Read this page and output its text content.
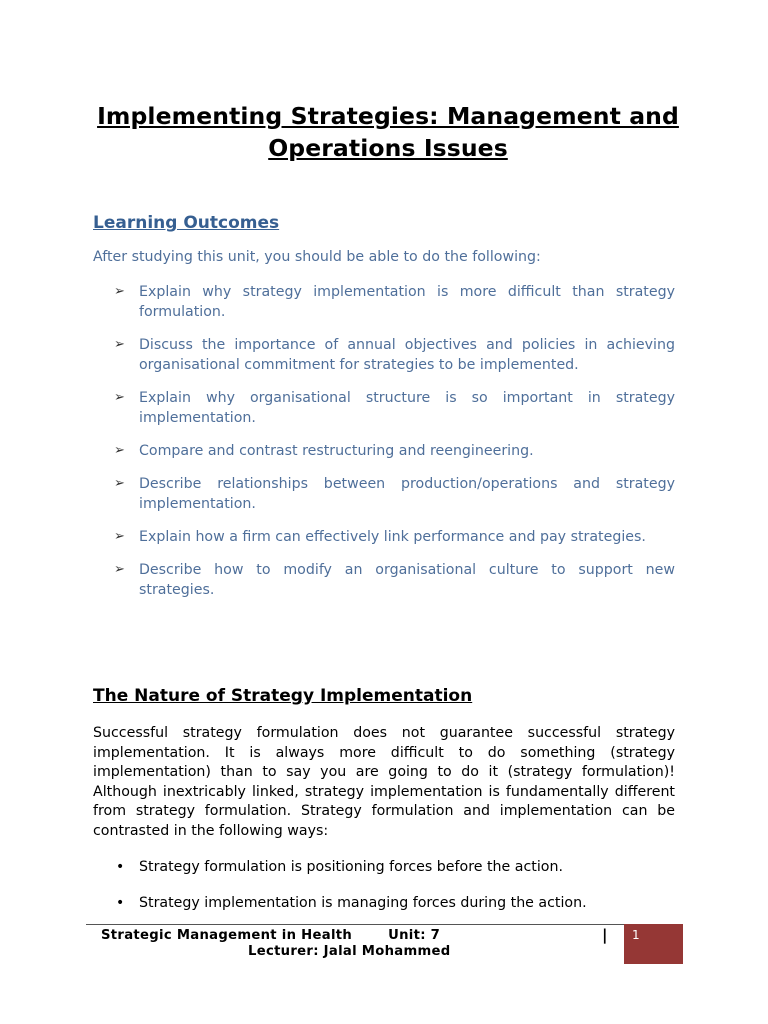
Implementing Strategies: Management and Operations Issues
Learning Outcomes
After studying this unit, you should be able to do the following:
➢ Explain why strategy implementation is more difficult than strategy formulation.
➢ Discuss the importance of annual objectives and policies in achieving organisational commitment for strategies to be implemented.
➢ Explain why organisational structure is so important in strategy implementation.
➢ Compare and contrast restructuring and reengineering.
➢ Describe relationships between production/operations and strategy implementation.
➢ Explain how a firm can effectively link performance and pay strategies.
➢ Describe how to modify an organisational culture to support new strategies.
The Nature of Strategy Implementation

Successful strategy formulation does not guarantee successful strategy implementation. It is always more difficult to do something (strategy implementation) than to say you are going to do it (strategy formulation)! Although inextricably linked, strategy implementation is fundamentally different from strategy formulation. Strategy formulation and implementation can be contrasted in the following ways:

• Strategy formulation is positioning forces before the action.
• Strategy implementation is managing forces during the action.
Strategic Management in Health	Unit: 7
Lecturer: Jalal Mohammed
| 1
